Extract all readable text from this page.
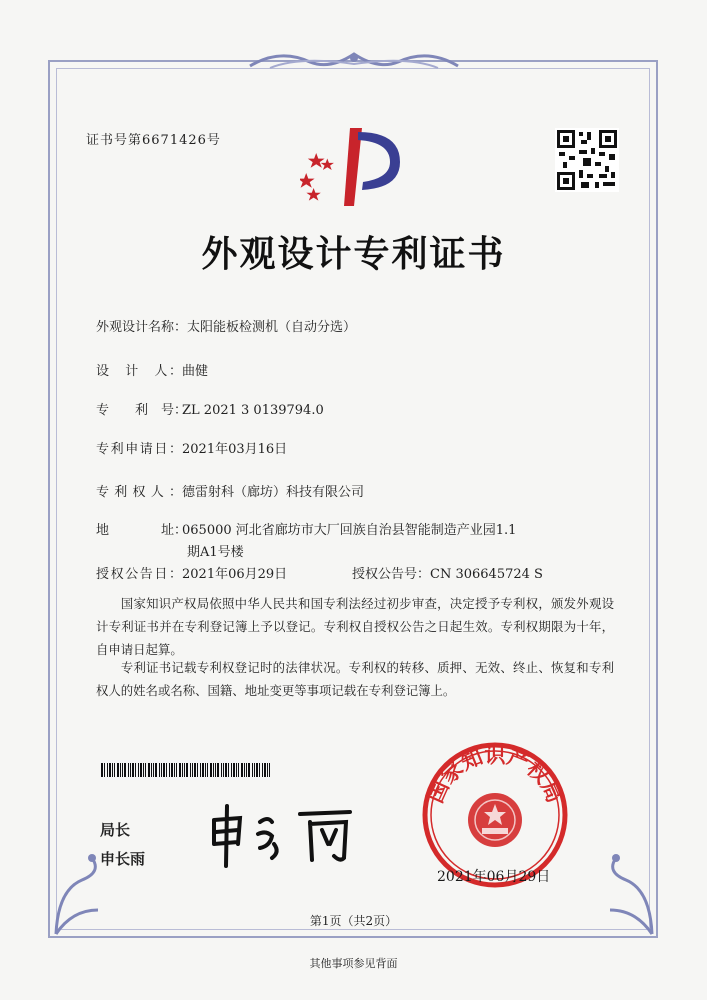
证书号第6671426号
外观设计专利证书
外观设计名称：太阳能板检测机（自动分选）
设　计　人：曲健
专　　利　号：ZL 2021 3 0139794.0
专利申请日：2021年03月16日
专利权人：德雷射科（廊坊）科技有限公司
地　　　　址：065000 河北省廊坊市大厂回族自治县智能制造产业园1.1
期A1号楼
授权公告日：2021年06月29日	授权公告号：CN 306645724 S
国家知识产权局依照中华人民共和国专利法经过初步审查，决定授予专利权，颁发外观设计专利证书并在专利登记簿上予以登记。专利权自授权公告之日起生效。专利权期限为十年，自申请日起算。
专利证书记载专利权登记时的法律状况。专利权的转移、质押、无效、终止、恢复和专利权人的姓名或名称、国籍、地址变更等事项记载在专利登记簿上。
局长
申长雨
国家知识产权局
2021年06月29日
第1页（共2页）
其他事项参见背面
